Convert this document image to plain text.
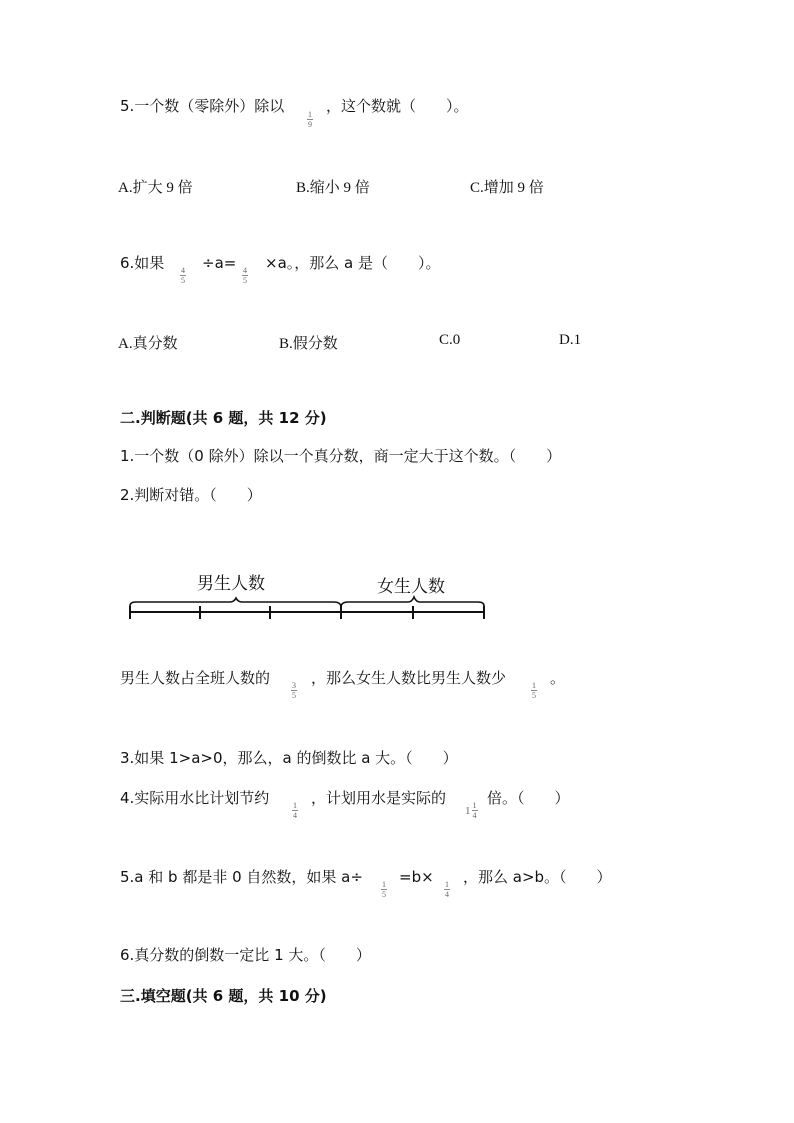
5.一个数（零除外）除以	1
9
，这个数就（　　）。
A.扩大 9 倍	B.缩小 9 倍	C.增加 9 倍
6.如果 4
5
÷a= 4
5
×a。，那么 a 是（　　）。
A.真分数	B.假分数	C.0	D.1
二.判断题(共 6 题，共 12 分)
1.一个数（0 除外）除以一个真分数，商一定大于这个数。（　　）
2.判断对错。（　　）
男生人数	女生人数
男生人数占全班人数的	3
5
，那么女生人数比男生人数少	1
5
。
3.如果 1>a>0，那么，a 的倒数比 a 大。（　　）
4.实际用水比计划节约	1
4
，计划用水是实际的
$1 \frac{1}{4}$
倍。（　　）
5.a 和 b 都是非 0 自然数，如果 a÷ 1
5
=b× 1
4
，那么 a>b。（　　）
6.真分数的倒数一定比 1 大。（　　）
三.填空题(共 6 题，共 10 分)
